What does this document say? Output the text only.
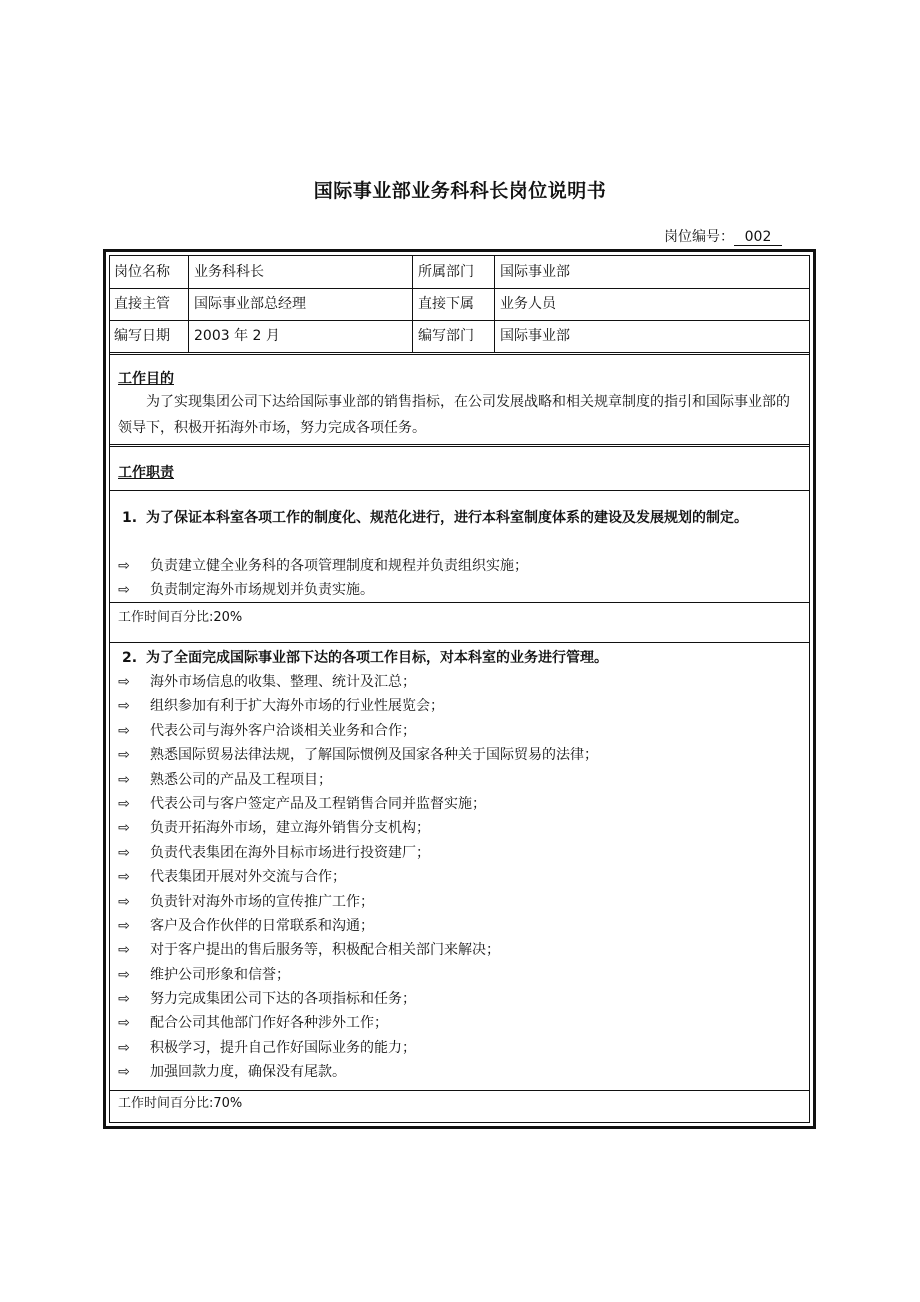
国际事业部业务科科长岗位说明书
岗位编号： 002
岗位名称 业务科科长	所属部门 国际事业部
直接主管 国际事业部总经理	直接下属 业务人员
编写日期 2003 年 2 月	编写部门 国际事业部
工作目的
为了实现集团公司下达给国际事业部的销售指标，在公司发展战略和相关规章制度的指引和国际事业部的领导下，积极开拓海外市场，努力完成各项任务。
工作职责
1. 为了保证本科室各项工作的制度化、规范化进行，进行本科室制度体系的建设及发展规划的制定。
⇨ 负责建立健全业务科的各项管理制度和规程并负责组织实施；
⇨ 负责制定海外市场规划并负责实施。
工作时间百分比:20%
2. 为了全面完成国际事业部下达的各项工作目标，对本科室的业务进行管理。
⇨ 海外市场信息的收集、整理、统计及汇总；
⇨ 组织参加有利于扩大海外市场的行业性展览会；
⇨ 代表公司与海外客户洽谈相关业务和合作；
⇨ 熟悉国际贸易法律法规，了解国际惯例及国家各种关于国际贸易的法律；
⇨ 熟悉公司的产品及工程项目；
⇨ 代表公司与客户签定产品及工程销售合同并监督实施；
⇨ 负责开拓海外市场，建立海外销售分支机构；
⇨ 负责代表集团在海外目标市场进行投资建厂；
⇨ 代表集团开展对外交流与合作；
⇨ 负责针对海外市场的宣传推广工作；
⇨ 客户及合作伙伴的日常联系和沟通；
⇨ 对于客户提出的售后服务等，积极配合相关部门来解决；
⇨ 维护公司形象和信誉；
⇨ 努力完成集团公司下达的各项指标和任务；
⇨ 配合公司其他部门作好各种涉外工作；
⇨ 积极学习，提升自己作好国际业务的能力；
⇨ 加强回款力度，确保没有尾款。
工作时间百分比:70%
